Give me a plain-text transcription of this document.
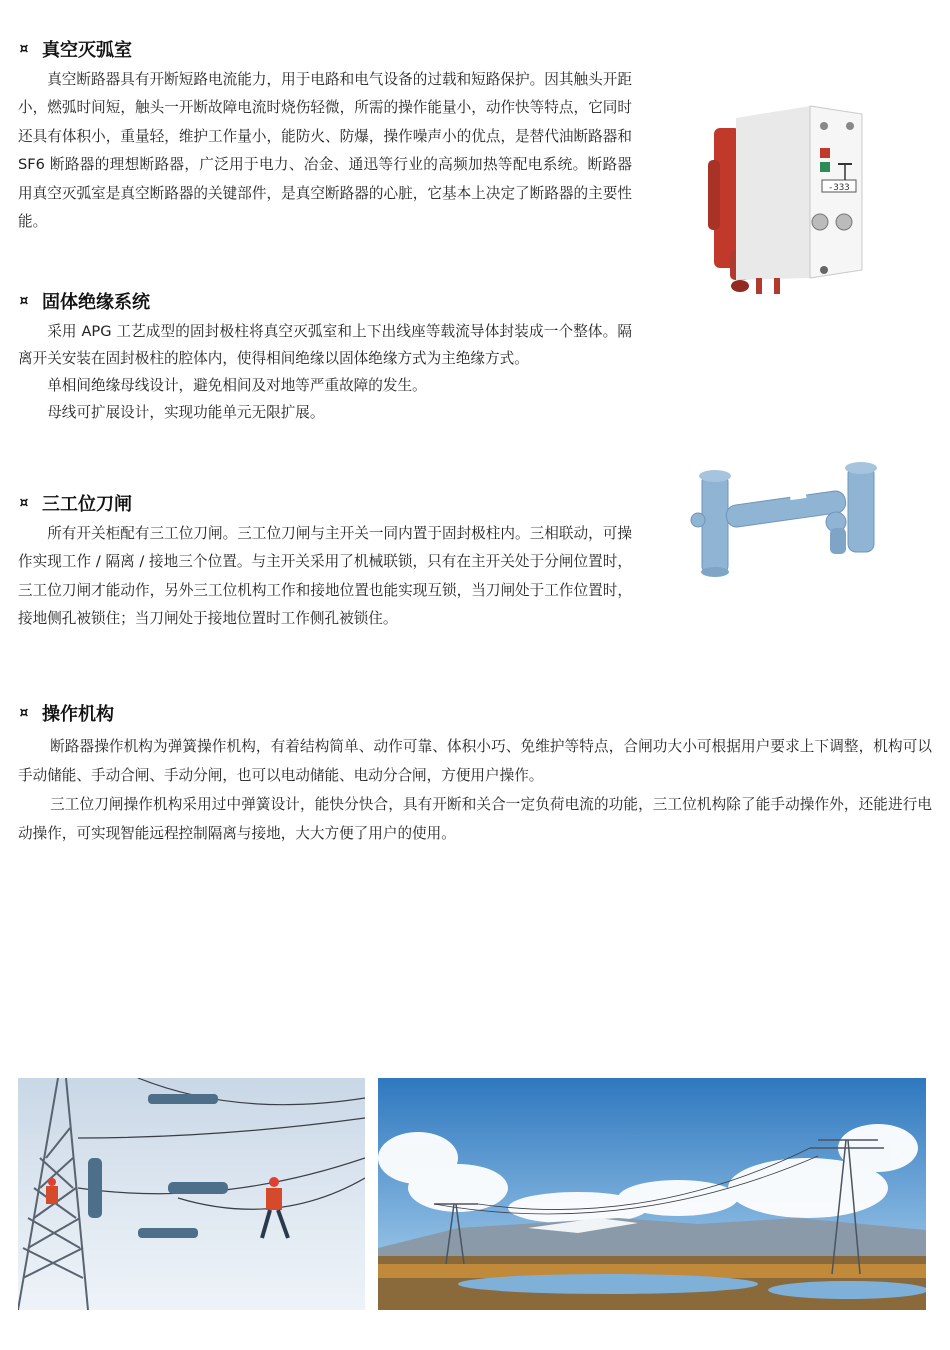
¤ 真空灭弧室

真空断路器具有开断短路电流能力，用于电路和电气设备的过载和短路保护。因其触头开距小，燃弧时间短，触头一开断故障电流时烧伤轻微，所需的操作能量小，动作快等特点，它同时还具有体积小，重量轻，维护工作量小，能防火、防爆，操作噪声小的优点，是替代油断路器和 SF6 断路器的理想断路器，广泛用于电力、冶金、通迅等行业的高频加热等配电系统。断路器用真空灭弧室是真空断路器的关键部件，是真空断路器的心脏，它基本上决定了断路器的主要性能。

¤ 固体绝缘系统

采用 APG 工艺成型的固封极柱将真空灭弧室和上下出线座等载流导体封装成一个整体。隔离开关安装在固封极柱的腔体内，使得相间绝缘以固体绝缘方式为主绝缘方式。

单相间绝缘母线设计，避免相间及对地等严重故障的发生。

母线可扩展设计，实现功能单元无限扩展。

¤ 三工位刀闸

所有开关柜配有三工位刀闸。三工位刀闸与主开关一同内置于固封极柱内。三相联动，可操作实现工作 / 隔离 / 接地三个位置。与主开关采用了机械联锁，只有在主开关处于分闸位置时，三工位刀闸才能动作，另外三工位机构工作和接地位置也能实现互锁，当刀闸处于工作位置时，接地侧孔被锁住；当刀闸处于接地位置时工作侧孔被锁住。

¤ 操作机构

断路器操作机构为弹簧操作机构，有着结构简单、动作可靠、体积小巧、免维护等特点，合闸功大小可根据用户要求上下调整，机构可以手动储能、手动合闸、手动分闸，也可以电动储能、电动分合闸，方便用户操作。

三工位刀闸操作机构采用过中弹簧设计，能快分快合，具有开断和关合一定负荷电流的功能，三工位机构除了能手动操作外，还能进行电动操作，可实现智能远程控制隔离与接地，大大方便了用户的使用。

-333
